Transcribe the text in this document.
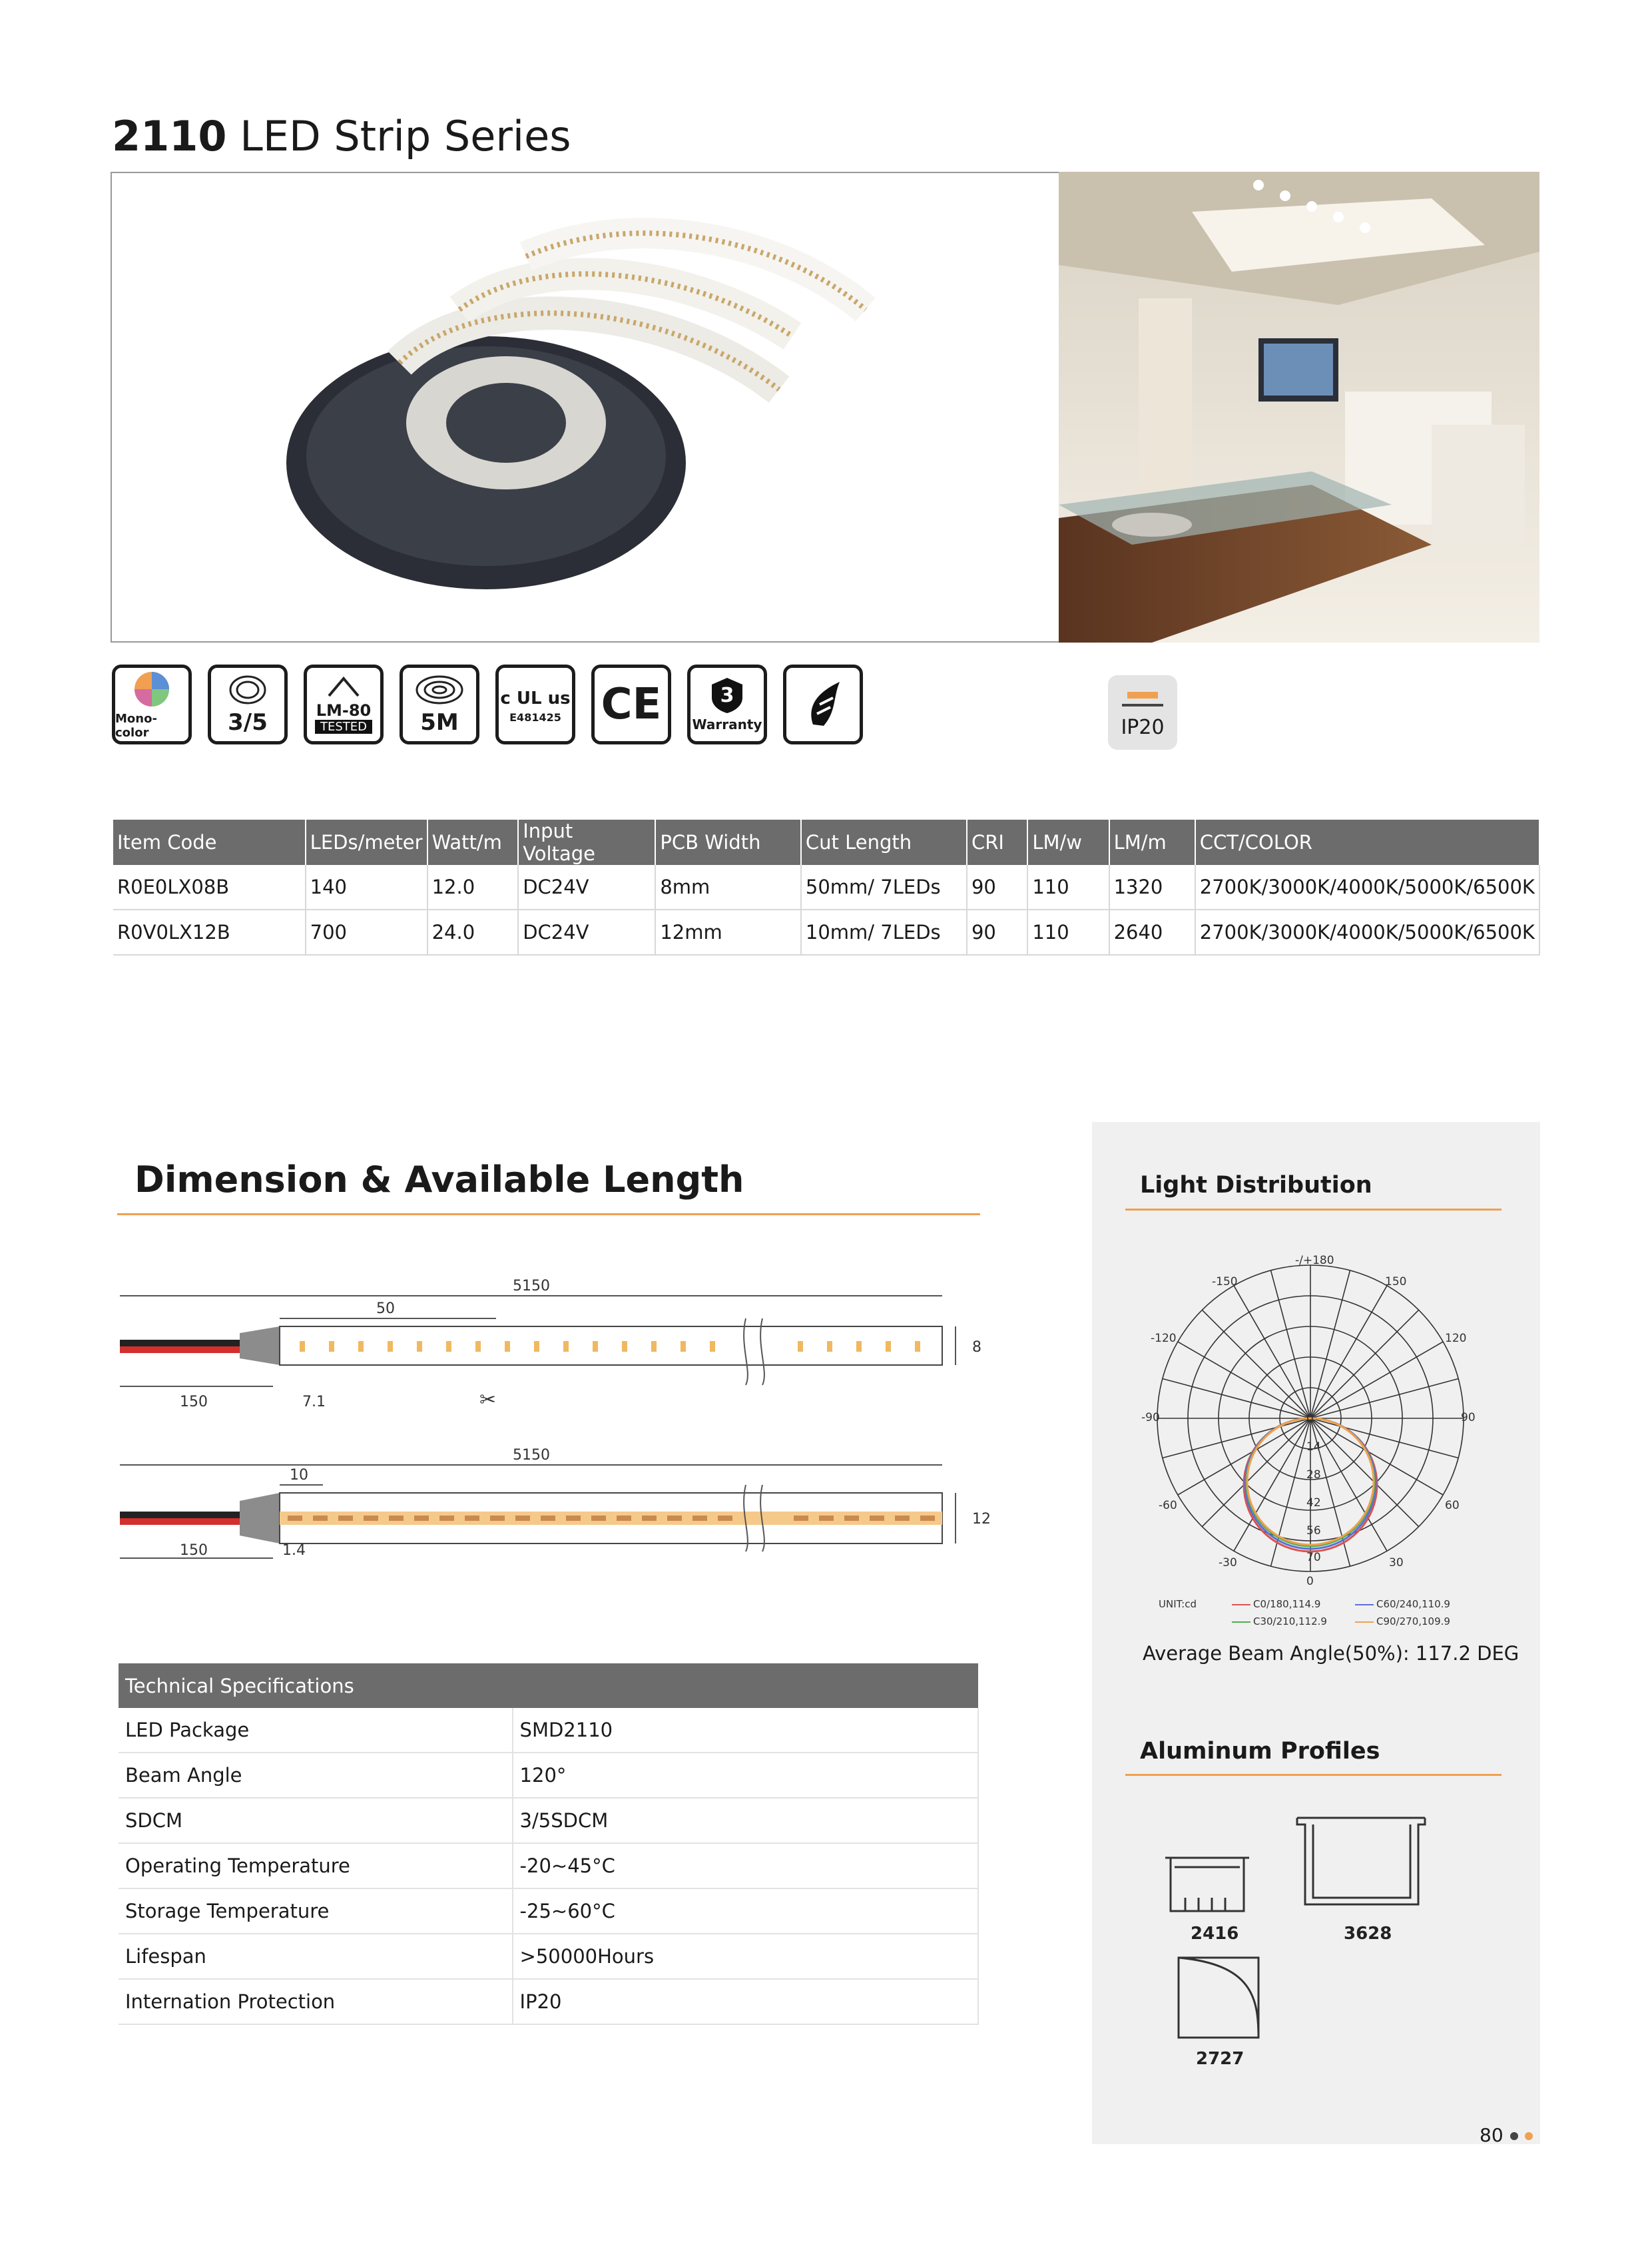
2110 LED Strip Series
Mono-color	3/5	LM-80
TESTED 5M
c UL us
E481425 CE	3
Warranty	IP20
Item Code	LEDs/meter	Watt/m	Input Voltage	PCB Width	Cut Length	CRI	LM/w	LM/m	CCT/COLOR
R0E0LX08B	140	12.0	DC24V	8mm	50mm/ 7LEDs	90	110	1320	2700K/3000K/4000K/5000K/6500K
R0V0LX12B	700	24.0	DC24V	12mm	10mm/ 7LEDs	90	110	2640	2700K/3000K/4000K/5000K/6500K
Dimension & Available Length
5150
50
8
150	7.1	✂
5150
10
12
150	1.4
Technical Specifications	
LED Package	SMD2110
Beam Angle	120°
SDCM	3/5SDCM
Operating Temperature	-20~45°C
Storage Temperature	-25~60°C
Lifespan	>50000Hours
Internation Protection	IP20
Light Distribution
-/+180
-150	150
-120	120
-90	90
-60	60
-30	30
0
0
14
28
42
56
70
UNIT:cd	C0/180,114.9	C60/240,110.9
C30/210,112.9	C90/270,109.9
Average Beam Angle(50%): 117.2 DEG
Aluminum Profiles
2416	3628
2727
80
